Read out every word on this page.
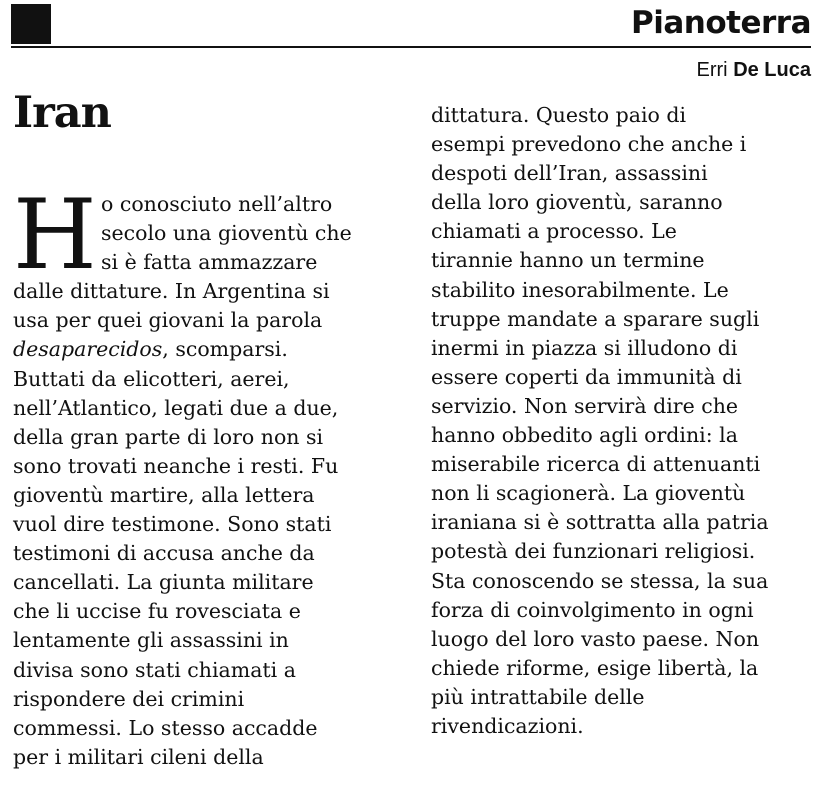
Pianoterra
Erri De Luca
Iran
H o conosciuto nell’altro
secolo una gioventù che
si è fatta ammazzare
dalle dittature. In Argentina si
usa per quei giovani la parola
desaparecidos, scomparsi.
Buttati da elicotteri, aerei,
nell’Atlantico, legati due a due,
della gran parte di loro non si
sono trovati neanche i resti. Fu
gioventù martire, alla lettera
vuol dire testimone. Sono stati
testimoni di accusa anche da
cancellati. La giunta militare
che li uccise fu rovesciata e
lentamente gli assassini in
divisa sono stati chiamati a
rispondere dei crimini
commessi. Lo stesso accadde
per i militari cileni della
dittatura. Questo paio di
esempi prevedono che anche i
despoti dell’Iran, assassini
della loro gioventù, saranno
chiamati a processo. Le
tirannie hanno un termine
stabilito inesorabilmente. Le
truppe mandate a sparare sugli
inermi in piazza si illudono di
essere coperti da immunità di
servizio. Non servirà dire che
hanno obbedito agli ordini: la
miserabile ricerca di attenuanti
non li scagionerà. La gioventù
iraniana si è sottratta alla patria
potestà dei funzionari religiosi.
Sta conoscendo se stessa, la sua
forza di coinvolgimento in ogni
luogo del loro vasto paese. Non
chiede riforme, esige libertà, la
più intrattabile delle
rivendicazioni.
